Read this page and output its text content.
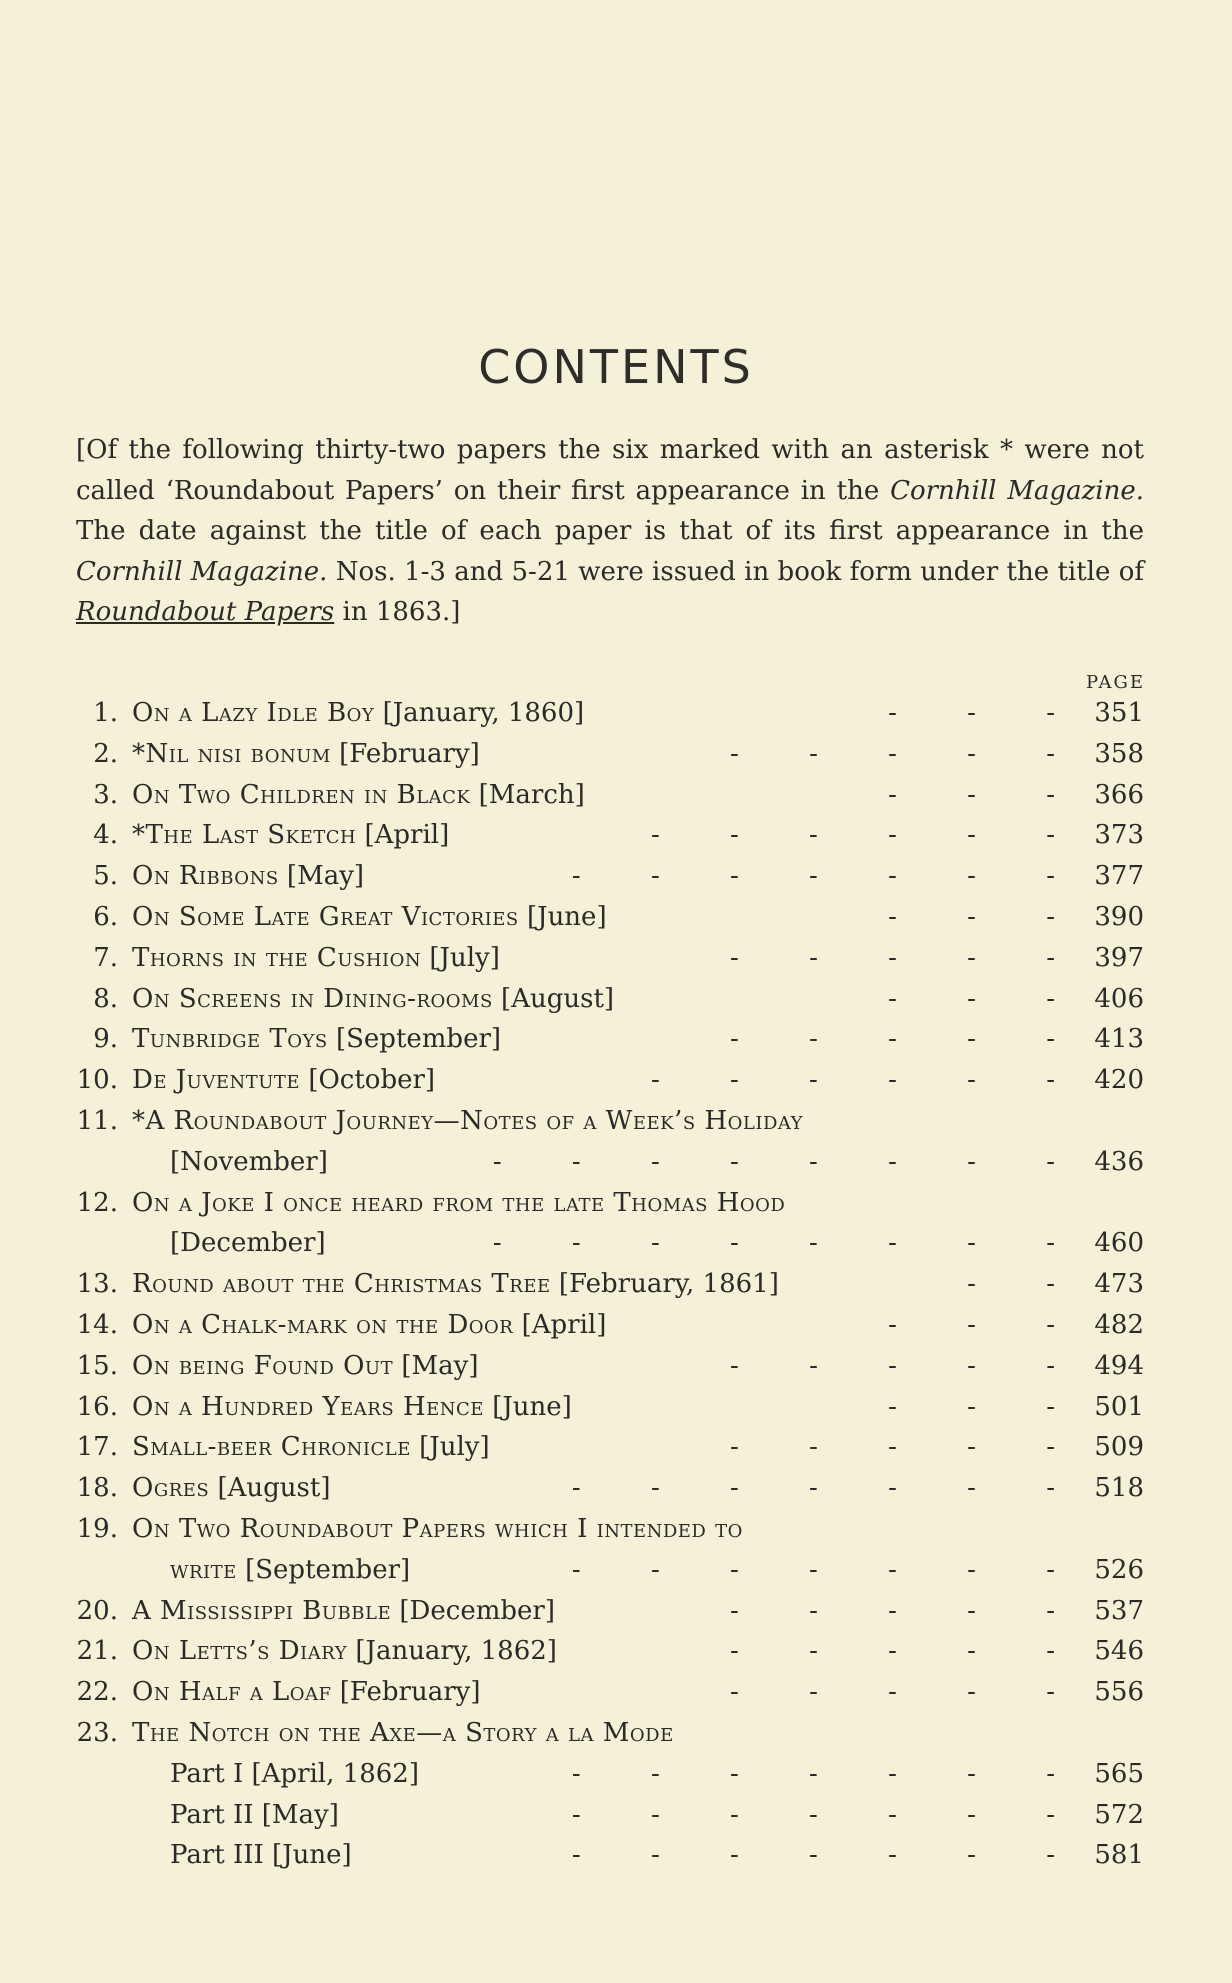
CONTENTS
[Of the following thirty-two papers the six marked with an asterisk * were not called ‘Roundabout Papers’ on their first appearance in the Cornhill Magazine. The date against the title of each paper is that of its first appearance in the Cornhill Magazine. Nos. 1-3 and 5-21 were issued in book form under the title of Roundabout Papers in 1863.]
PAGE
1. On a Lazy Idle Boy [January, 1860]	- - -	351
2. *Nil nisi bonum [February]	- - - - -	358
3. On Two Children in Black [March]	- - -	366
4. *The Last Sketch [April]	- - - - - -	373
5. On Ribbons [May]	- - - - - - -	377
6. On Some Late Great Victories [June]	- - -	390
7. Thorns in the Cushion [July]	- - - - -	397
8. On Screens in Dining-rooms [August]	- - -	406
9. Tunbridge Toys [September]	- - - - -	413
10. De Juventute [October]	- - - - - -	420
11. *A Roundabout Journey—Notes of a Week’s Holiday
[November]	- - - - - - - -	436
12. On a Joke I once heard from the late Thomas Hood
[December]	- - - - - - - -	460
13. Round about the Christmas Tree [February, 1861]	- -	473
14. On a Chalk-mark on the Door [April]	- - -	482
15. On being Found Out [May]	- - - - -	494
16. On a Hundred Years Hence [June]	- - -	501
17. Small-beer Chronicle [July]	- - - - -	509
18. Ogres [August]	- - - - - - -	518
19. On Two Roundabout Papers which I intended to
write [September]	- - - - - - -	526
20. A Mississippi Bubble [December]	- - - - -	537
21. On Letts’s Diary [January, 1862]	- - - - -	546
22. On Half a Loaf [February]	- - - - -	556
23. The Notch on the Axe—a Story a la Mode
Part I [April, 1862]	- - - - - - -	565
Part II [May]	- - - - - - -	572
Part III [June]	- - - - - - -	581
